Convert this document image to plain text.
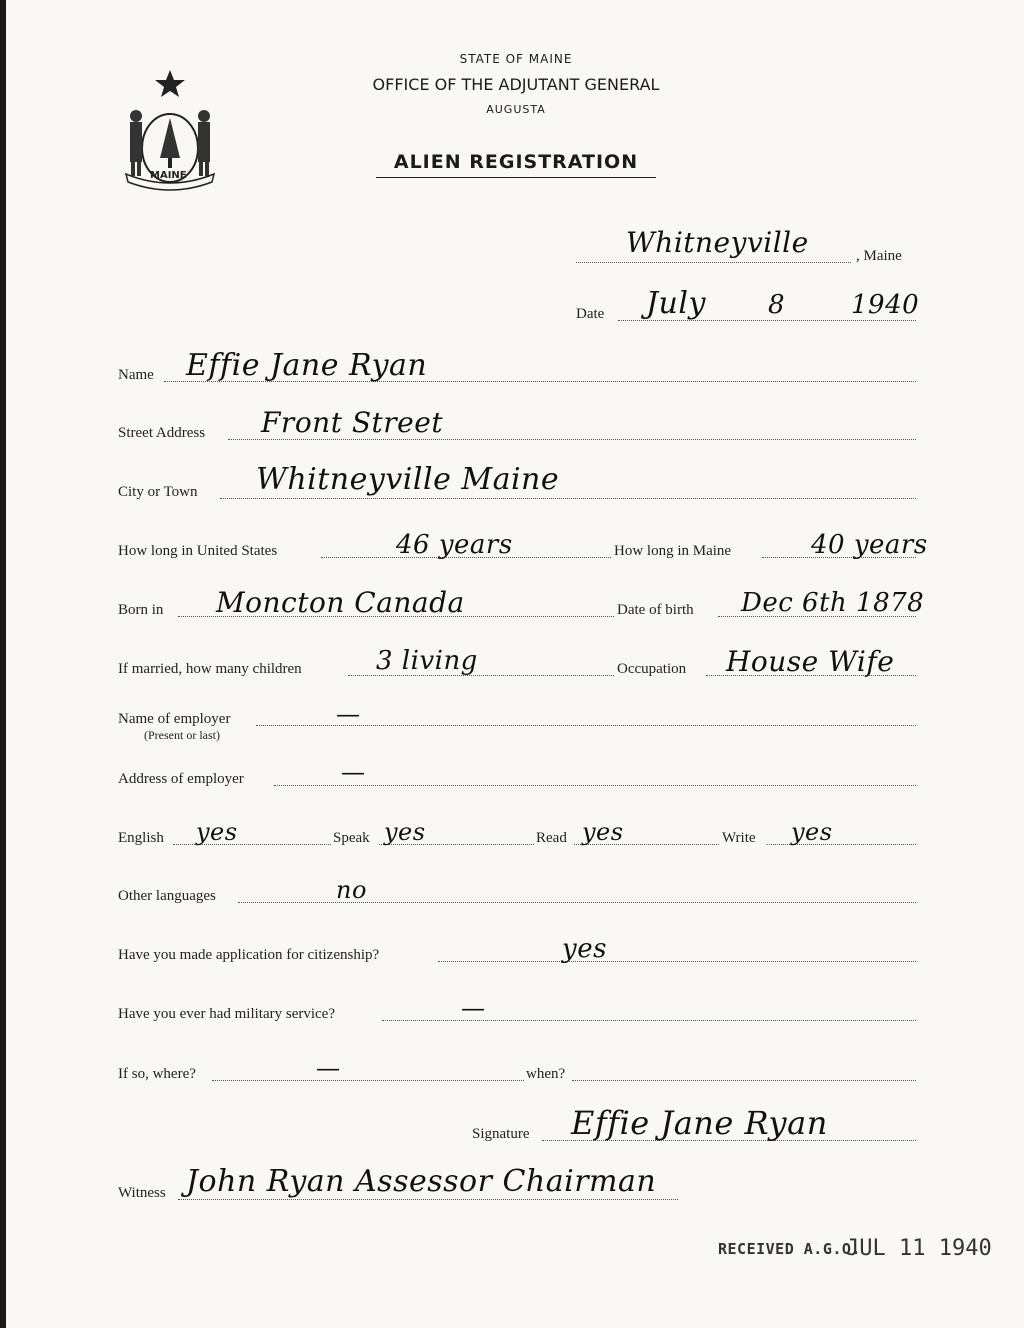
MAINE
STATE OF MAINE
OFFICE OF THE ADJUTANT GENERAL
AUGUSTA
ALIEN REGISTRATION
Whitneyville	, Maine
Date July 8	1940
Name Effie Jane Ryan
Street Address Front Street
City or Town Whitneyville Maine
How long in United States	46 years	How long in Maine	40 years
Born in Moncton Canada	Date of birth Dec 6th 1878
If married, how many children	3 living	Occupation House Wife
Name of employer
(Present or last)
—
Address of employer	—
English yes	Speak yes	Read yes	Write yes
Other languages	no
Have you made application for citizenship?	yes
Have you ever had military service?	—
If so, where?	—	when?
Signature Effie Jane Ryan
Witness John Ryan Assessor Chairman
RECEIVED A.G.O.
JUL 11 1940
